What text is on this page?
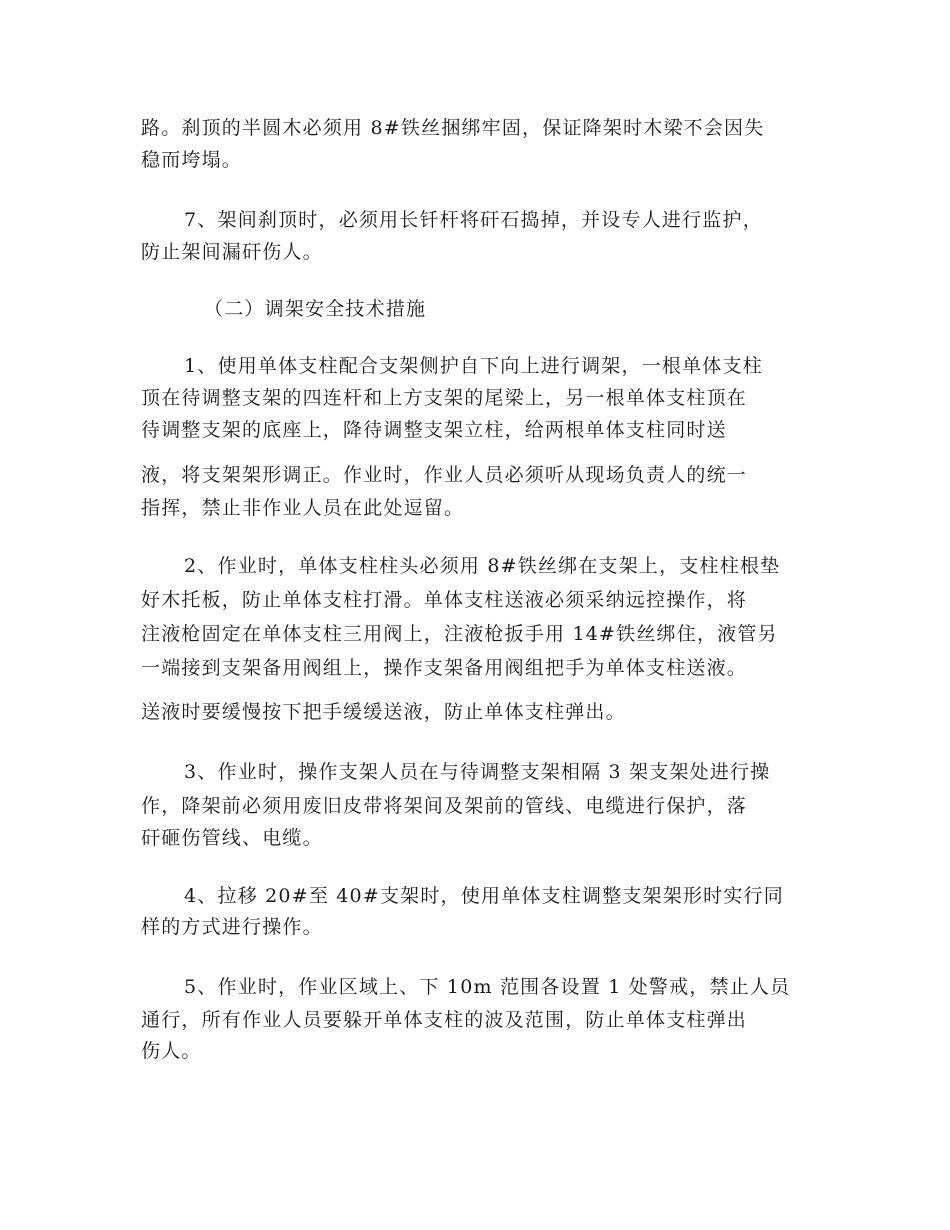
路。刹顶的半圆木必须用 8#铁丝捆绑牢固，保证降架时木梁不会因失
稳而垮塌。
7、架间刹顶时，必须用长钎杆将矸石捣掉，并设专人进行监护，
防止架间漏矸伤人。
（二）调架安全技术措施
1、使用单体支柱配合支架侧护自下向上进行调架，一根单体支柱
顶在待调整支架的四连杆和上方支架的尾梁上，另一根单体支柱顶在
待调整支架的底座上，降待调整支架立柱，给两根单体支柱同时送
液，将支架架形调正。作业时，作业人员必须听从现场负责人的统一
指挥，禁止非作业人员在此处逗留。
2、作业时，单体支柱柱头必须用 8#铁丝绑在支架上，支柱柱根垫
好木托板，防止单体支柱打滑。单体支柱送液必须采纳远控操作，将
注液枪固定在单体支柱三用阀上，注液枪扳手用 14#铁丝绑住，液管另
一端接到支架备用阀组上，操作支架备用阀组把手为单体支柱送液。
送液时要缓慢按下把手缓缓送液，防止单体支柱弹出。
3、作业时，操作支架人员在与待调整支架相隔 3 架支架处进行操
作，降架前必须用废旧皮带将架间及架前的管线、电缆进行保护，落
矸砸伤管线、电缆。
4、拉移 20#至 40#支架时，使用单体支柱调整支架架形时实行同
样的方式进行操作。
5、作业时，作业区域上、下 10m 范围各设置 1 处警戒，禁止人员
通行，所有作业人员要躲开单体支柱的波及范围，防止单体支柱弹出
伤人。
